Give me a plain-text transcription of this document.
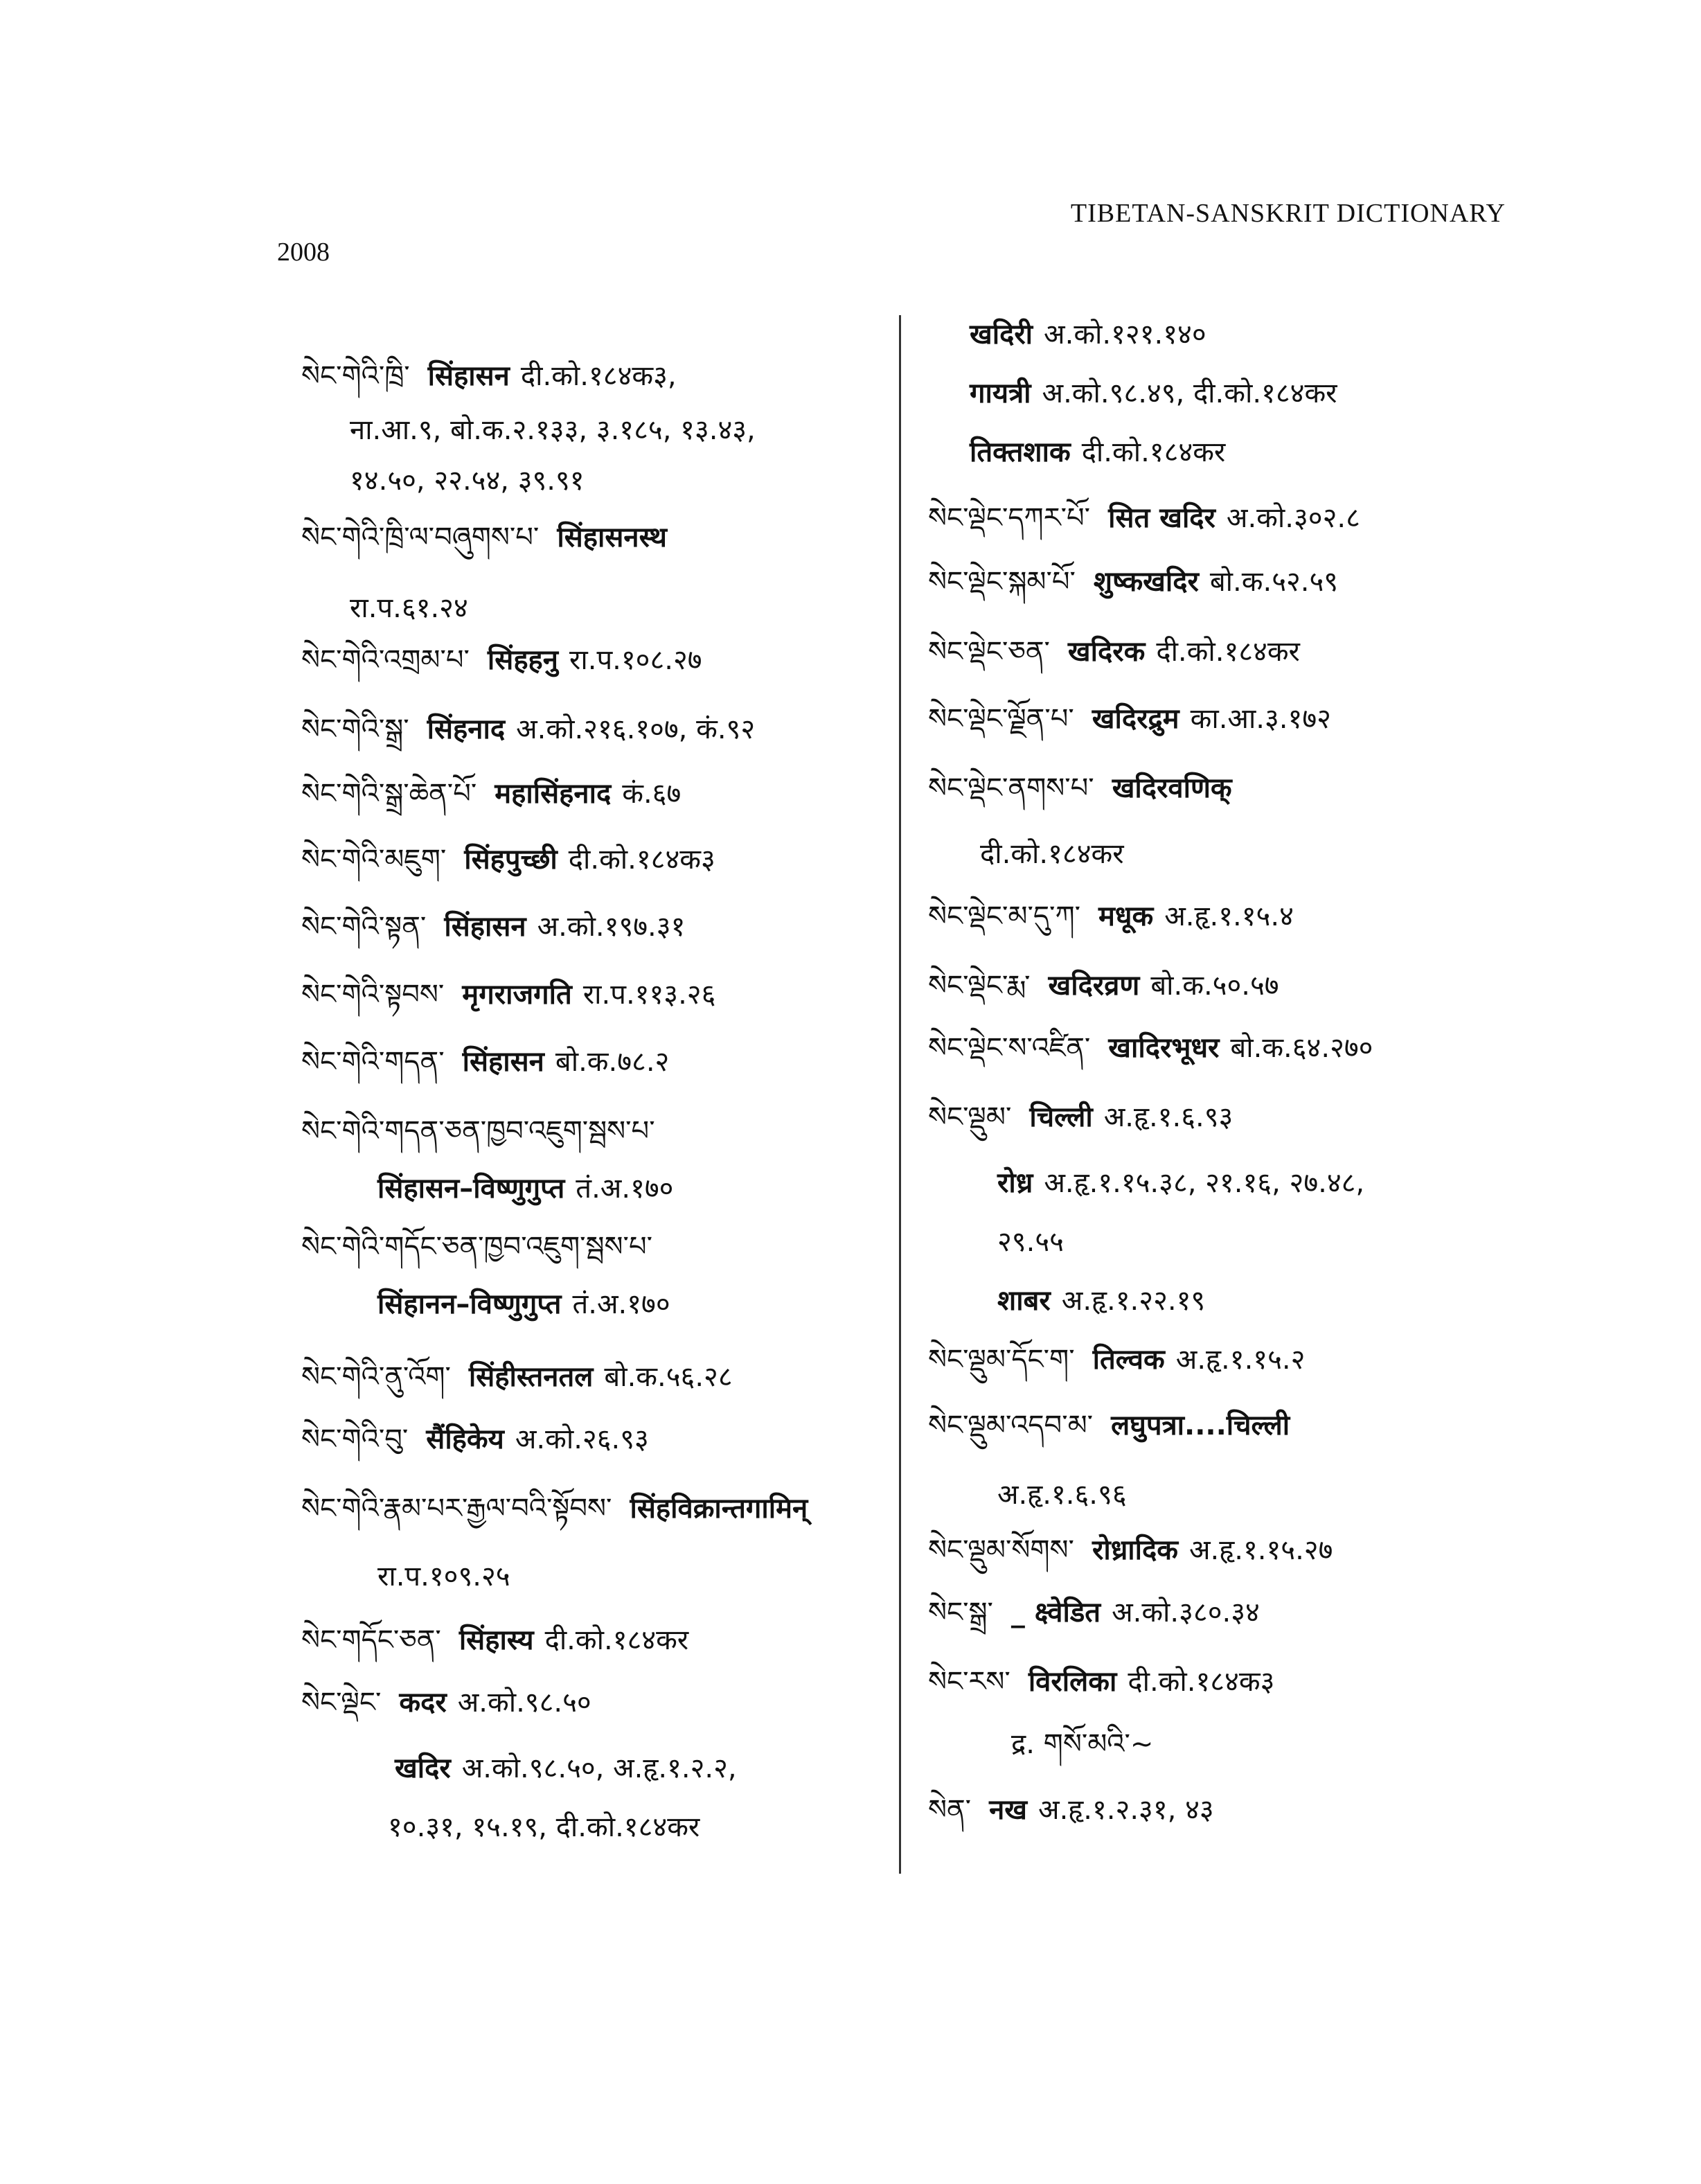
2008
TIBETAN-SANSKRIT DICTIONARY
སེང་གེའི་ཁྲི་ सिंहासन दी.को.१८४क३,
ना.आ.९, बो.क.२.१३३, ३.१८५, १३.४३,
१४.५०, २२.५४, ३९.९१
སེང་གེའི་ཁྲི་ལ་བཞུགས་པ་ सिंहासनस्थ
रा.प.६१.२४
སེང་གེའི་འགྲམ་པ་ सिंहहनु रा.प.१०८.२७
སེང་གེའི་སྒྲ་ सिंहनाद अ.को.२१६.१०७, कं.९२
སེང་གེའི་སྒྲ་ཆེན་པོ་ महासिंहनाद कं.६७
སེང་གེའི་མཇུག་ सिंहपुच्छी दी.को.१८४क३
སེང་གེའི་སྟན་ सिंहासन अ.को.१९७.३१
སེང་གེའི་སྟབས་ मृगराजगति रा.प.११३.२६
སེང་གེའི་གདན་ सिंहासन बो.क.७८.२
སེང་གེའི་གདན་ཅན་ཁྱབ་འཇུག་སྦས་པ་
सिंहासन–विष्णुगुप्त तं.अ.१७०
སེང་གེའི་གདོང་ཅན་ཁྱབ་འཇུག་སྦས་པ་
सिंहानन–विष्णुगुप्त तं.अ.१७०
སེང་གེའི་ནུ་འོག་ सिंहीस्तनतल बो.क.५६.२८
སེང་གེའི་བུ་ सैंहिकेय अ.को.२६.९३
སེང་གེའི་རྣམ་པར་རྒྱལ་བའི་སྟོབས་ सिंहविक्रान्तगामिन्
रा.प.१०९.२५
སེང་གདོང་ཅན་ सिंहास्य दी.को.१८४कर
སེང་ལྡེང་ कदर अ.को.९८.५०
खदिर अ.को.९८.५०, अ.हृ.१.२.२,
१०.३१, १५.१९, दी.को.१८४कर
खदिरी अ.को.१२१.१४०
गायत्री अ.को.९८.४९, दी.को.१८४कर
तिक्तशाक दी.को.१८४कर
སེང་ལྡེང་དཀར་པོ་ सित खदिर अ.को.३०२.८
སེང་ལྡེང་སྐམ་པོ་ शुष्कखदिर बो.क.५२.५९
སེང་ལྡེང་ཅན་ खदिरक दी.को.१८४कर
སེང་ལྡེང་ལྗོན་པ་ खदिरद्रुम का.आ.३.१७२
སེང་ལྡེང་ནགས་པ་ खदिरवणिक्
दी.को.१८४कर
སེང་ལྡེང་མ་དུ་ཀ་ मधूक अ.हृ.१.१५.४
སེང་ལྡེང་རྨ་ खदिरव्रण बो.क.५०.५७
སེང་ལྡེང་ས་འཛིན་ खादिरभूधर बो.क.६४.२७०
སེང་ལྡུམ་ चिल्ली अ.हृ.१.६.९३
रोध्र अ.हृ.१.१५.३८, २१.१६, २७.४८,
२९.५५
शाबर अ.हृ.१.२२.१९
སེང་ལྡུམ་དོང་ག་ तिल्वक अ.हृ.१.१५.२
སེང་ལྡུམ་འདབ་མ་ लघुपत्रा....चिल्ली
अ.हृ.१.६.९६
སེང་ལྡུམ་སོགས་ रोध्रादिक अ.हृ.१.१५.२७
སེང་སྒྲ་ _ क्ष्वेडित अ.को.३८०.३४
སེང་རས་ विरलिका दी.को.१८४क३
द्र. གསོ་མའི་~
སེན་ नख अ.हृ.१.२.३१, ४३
